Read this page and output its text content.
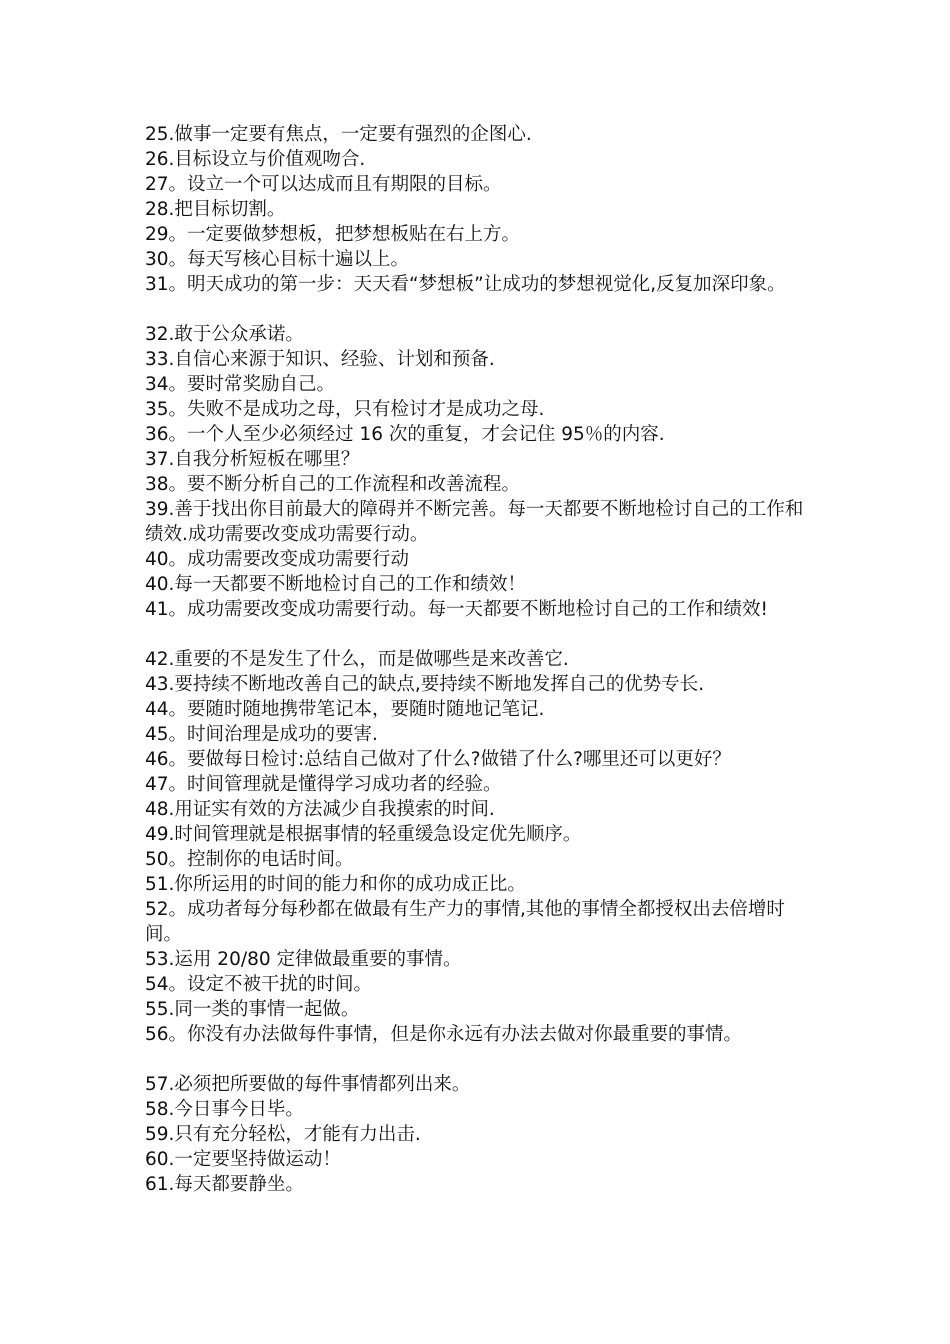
25.做事一定要有焦点，一定要有强烈的企图心.

26.目标设立与价值观吻合.

27。设立一个可以达成而且有期限的目标。

28.把目标切割。

29。一定要做梦想板，把梦想板贴在右上方。

30。每天写核心目标十遍以上。

31。明天成功的第一步：天天看“梦想板”让成功的梦想视觉化,反复加深印象。

32.敢于公众承诺。

33.自信心来源于知识、经验、计划和预备.

34。要时常奖励自己。

35。失败不是成功之母，只有检讨才是成功之母.

36。一个人至少必须经过 16 次的重复，才会记住 95％的内容.

37.自我分析短板在哪里？

38。要不断分析自己的工作流程和改善流程。

39.善于找出你目前最大的障碍并不断完善。每一天都要不断地检讨自己的工作和绩效.成功需要改变成功需要行动。

40。成功需要改变成功需要行动

40.每一天都要不断地检讨自己的工作和绩效！

41。成功需要改变成功需要行动。每一天都要不断地检讨自己的工作和绩效!

42.重要的不是发生了什么，而是做哪些是来改善它.

43.要持续不断地改善自己的缺点,要持续不断地发挥自己的优势专长.

44。要随时随地携带笔记本，要随时随地记笔记.

45。时间治理是成功的要害.

46。要做每日检讨:总结自己做对了什么?做错了什么?哪里还可以更好？

47。时间管理就是懂得学习成功者的经验。

48.用证实有效的方法减少自我摸索的时间.

49.时间管理就是根据事情的轻重缓急设定优先顺序。

50。控制你的电话时间。

51.你所运用的时间的能力和你的成功成正比。

52。成功者每分每秒都在做最有生产力的事情,其他的事情全都授权出去倍增时间。

53.运用 20/80 定律做最重要的事情。

54。设定不被干扰的时间。

55.同一类的事情一起做。

56。你没有办法做每件事情，但是你永远有办法去做对你最重要的事情。

57.必须把所要做的每件事情都列出来。

58.今日事今日毕。

59.只有充分轻松，才能有力出击.

60.一定要坚持做运动！

61.每天都要静坐。
